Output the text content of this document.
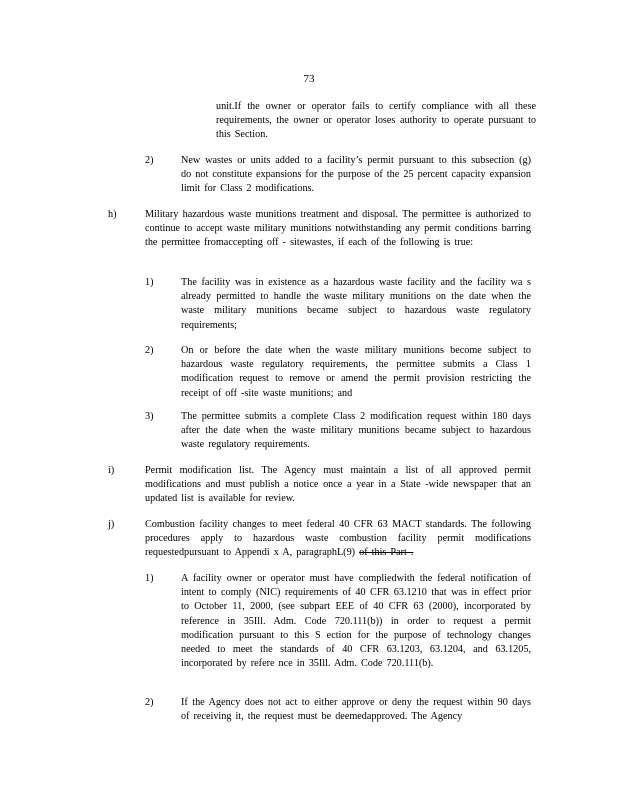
73
unit.If the owner or operator fails to certify compliance with all these requirements, the owner or operator loses authority to operate pursuant to this Section.
2)	New wastes or units added to a facility’s permit pursuant to this subsection (g) do not constitute expansions for the purpose of the 25 percent capacity expansion limit for Class 2 modifications.
h)	Military hazardous waste munitions treatment and disposal. The permittee is authorized to continue to accept waste military munitions notwithstanding any permit conditions barring the permittee fromaccepting off - sitewastes, if each of the following is true:
1)	The facility was in existence as a hazardous waste facility and the facility wa s already permitted to handle the waste military munitions on the date when the waste military munitions became subject to hazardous waste regulatory requirements;
2)	On or before the date when the waste military munitions become subject to hazardous waste regulatory requirements, the permittee submits a Class 1 modification request to remove or amend the permit provision restricting the receipt of off -site waste munitions; and
3)	The permittee submits a complete Class 2 modification request within 180 days after the date when the waste military munitions became subject to hazardous waste regulatory requirements.
i)	Permit modification list. The Agency must maintain a list of all approved permit modifications and must publish a notice once a year in a State -wide newspaper that an updated list is available for review.
j)	Combustion facility changes to meet federal 40 CFR 63 MACT standards. The following procedures apply to hazardous waste combustion facility permit modifications requestedpursuant to Appendi x A, paragraphL(9) of this Part .
1)	A facility owner or operator must have compliedwith the federal notification of intent to comply (NIC) requirements of 40 CFR 63.1210 that was in effect prior to October 11, 2000, (see subpart EEE of 40 CFR 63 (2000), incorporated by reference in 35Ill. Adm. Code 720.111(b)) in order to request a permit modification pursuant to this S ection for the purpose of technology changes needed to meet the standards of 40 CFR 63.1203, 63.1204, and 63.1205, incorporated by refere nce in 35Ill. Adm. Code 720.111(b).
2)	If the Agency does not act to either approve or deny the request within 90 days of receiving it, the request must be deemedapproved. The Agency
